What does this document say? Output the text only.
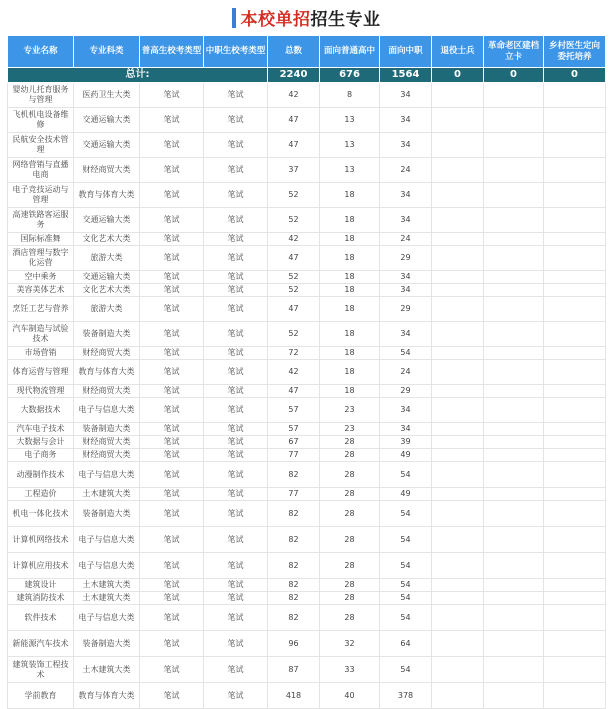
本校单招招生专业
专业名称	专业科类	普高生校考类型	中职生校考类型	总数	面向普通高中	面向中职	退役士兵	革命老区建档立卡	乡村医生定向委托培养
总计:				2240	676	1564	0	0	0
婴幼儿托育服务与管理	医药卫生大类	笔试	笔试	42	8	34			
飞机机电设备维修	交通运输大类	笔试	笔试	47	13	34			
民航安全技术管理	交通运输大类	笔试	笔试	47	13	34			
网络营销与直播电商	财经商贸大类	笔试	笔试	37	13	24			
电子竞技运动与管理	教育与体育大类	笔试	笔试	52	18	34			
高速铁路客运服务	交通运输大类	笔试	笔试	52	18	34			
国际标准舞	文化艺术大类	笔试	笔试	42	18	24			
酒店管理与数字化运营	旅游大类	笔试	笔试	47	18	29			
空中乘务	交通运输大类	笔试	笔试	52	18	34			
美容美体艺术	文化艺术大类	笔试	笔试	52	18	34			
烹饪工艺与营养	旅游大类	笔试	笔试	47	18	29			
汽车制造与试验技术	装备制造大类	笔试	笔试	52	18	34			
市场营销	财经商贸大类	笔试	笔试	72	18	54			
体育运营与管理	教育与体育大类	笔试	笔试	42	18	24			
现代物流管理	财经商贸大类	笔试	笔试	47	18	29			
大数据技术	电子与信息大类	笔试	笔试	57	23	34			
汽车电子技术	装备制造大类	笔试	笔试	57	23	34			
大数据与会计	财经商贸大类	笔试	笔试	67	28	39			
电子商务	财经商贸大类	笔试	笔试	77	28	49			
动漫制作技术	电子与信息大类	笔试	笔试	82	28	54			
工程造价	土木建筑大类	笔试	笔试	77	28	49			
机电一体化技术	装备制造大类	笔试	笔试	82	28	54			
计算机网络技术	电子与信息大类	笔试	笔试	82	28	54			
计算机应用技术	电子与信息大类	笔试	笔试	82	28	54			
建筑设计	土木建筑大类	笔试	笔试	82	28	54			
建筑消防技术	土木建筑大类	笔试	笔试	82	28	54			
软件技术	电子与信息大类	笔试	笔试	82	28	54			
新能源汽车技术	装备制造大类	笔试	笔试	96	32	64			
建筑装饰工程技术	土木建筑大类	笔试	笔试	87	33	54			
学前教育	教育与体育大类	笔试	笔试	418	40	378			
